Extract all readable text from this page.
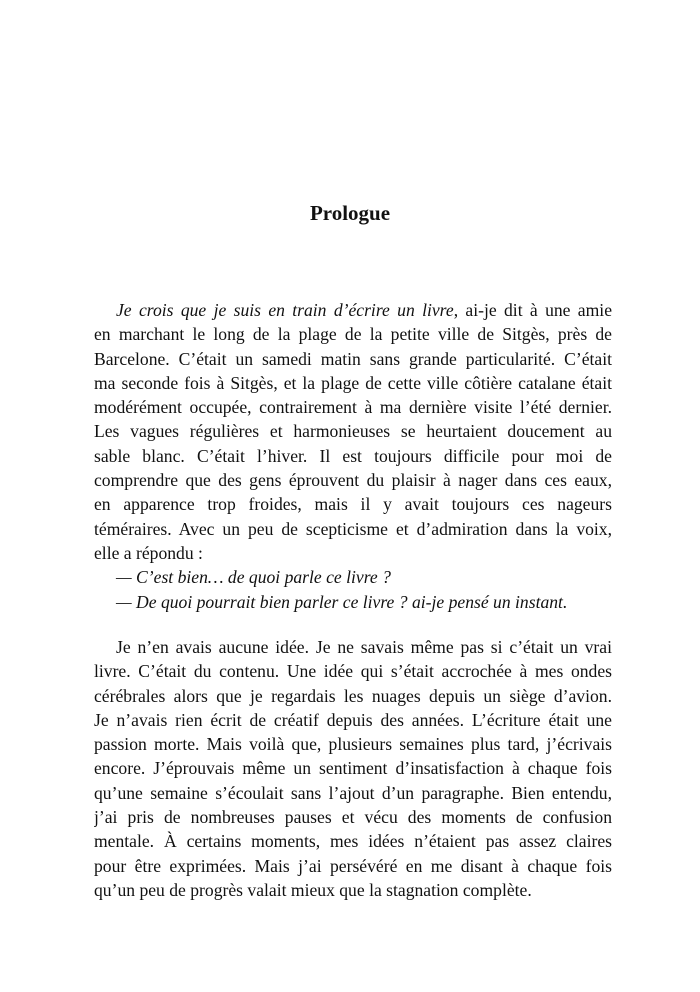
Prologue
Je crois que je suis en train d’écrire un livre, ai-je dit à une amie
en marchant le long de la plage de la petite ville de Sitgès, près de
Barcelone. C’était un samedi matin sans grande particularité. C’était
ma seconde fois à Sitgès, et la plage de cette ville côtière catalane était
modérément occupée, contrairement à ma dernière visite l’été dernier.
Les vagues régulières et harmonieuses se heurtaient doucement au
sable blanc. C’était l’hiver. Il est toujours difficile pour moi de
comprendre que des gens éprouvent du plaisir à nager dans ces eaux,
en apparence trop froides, mais il y avait toujours ces nageurs
téméraires. Avec un peu de scepticisme et d’admiration dans la voix,
elle a répondu :
— C’est bien… de quoi parle ce livre ?
— De quoi pourrait bien parler ce livre ? ai-je pensé un instant.
Je n’en avais aucune idée. Je ne savais même pas si c’était un vrai
livre. C’était du contenu. Une idée qui s’était accrochée à mes ondes
cérébrales alors que je regardais les nuages depuis un siège d’avion.
Je n’avais rien écrit de créatif depuis des années. L’écriture était une
passion morte. Mais voilà que, plusieurs semaines plus tard, j’écrivais
encore. J’éprouvais même un sentiment d’insatisfaction à chaque fois
qu’une semaine s’écoulait sans l’ajout d’un paragraphe. Bien entendu,
j’ai pris de nombreuses pauses et vécu des moments de confusion
mentale. À certains moments, mes idées n’étaient pas assez claires
pour être exprimées. Mais j’ai persévéré en me disant à chaque fois
qu’un peu de progrès valait mieux que la stagnation complète.
